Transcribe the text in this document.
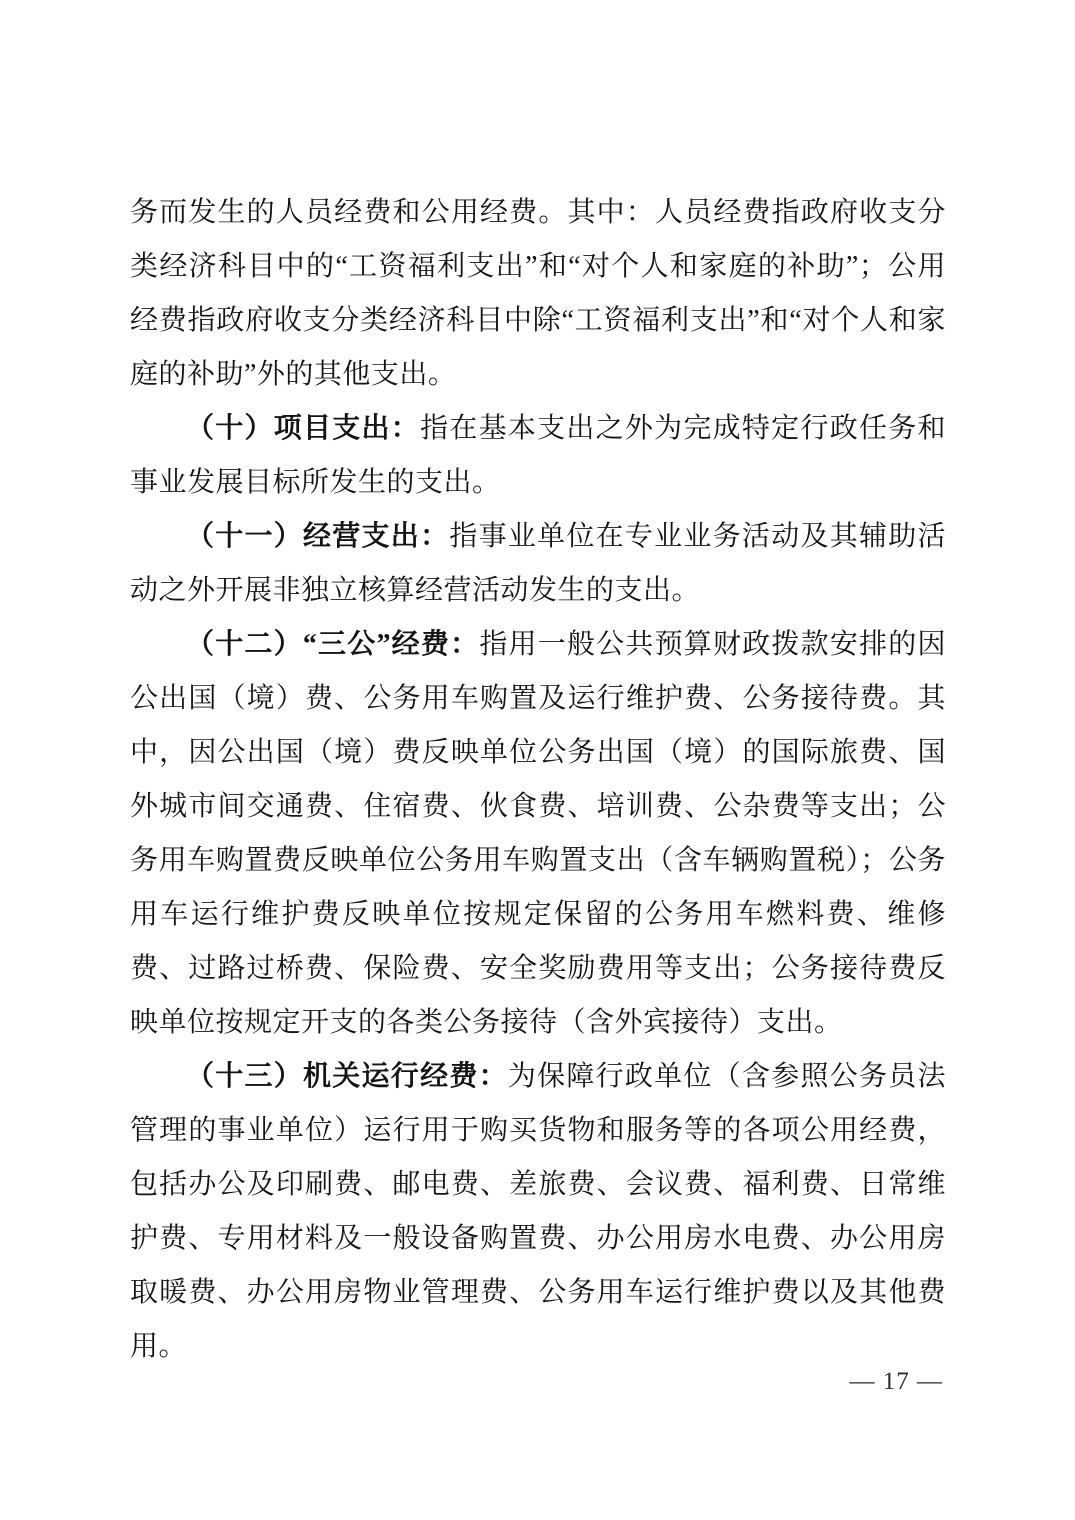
务而发生的人员经费和公用经费。其中：人员经费指政府收支分类经济科目中的“工资福利支出”和“对个人和家庭的补助”；公用经费指政府收支分类经济科目中除“工资福利支出”和“对个人和家庭的补助”外的其他支出。

（十）项目支出：指在基本支出之外为完成特定行政任务和事业发展目标所发生的支出。

（十一）经营支出：指事业单位在专业业务活动及其辅助活动之外开展非独立核算经营活动发生的支出。

（十二）“三公”经费：指用一般公共预算财政拨款安排的因公出国（境）费、公务用车购置及运行维护费、公务接待费。其中，因公出国（境）费反映单位公务出国（境）的国际旅费、国外城市间交通费、住宿费、伙食费、培训费、公杂费等支出；公务用车购置费反映单位公务用车购置支出（含车辆购置税）；公务用车运行维护费反映单位按规定保留的公务用车燃料费、维修费、过路过桥费、保险费、安全奖励费用等支出；公务接待费反映单位按规定开支的各类公务接待（含外宾接待）支出。

（十三）机关运行经费：为保障行政单位（含参照公务员法管理的事业单位）运行用于购买货物和服务等的各项公用经费，包括办公及印刷费、邮电费、差旅费、会议费、福利费、日常维护费、专用材料及一般设备购置费、办公用房水电费、办公用房取暖费、办公用房物业管理费、公务用车运行维护费以及其他费用。

— 17 —
